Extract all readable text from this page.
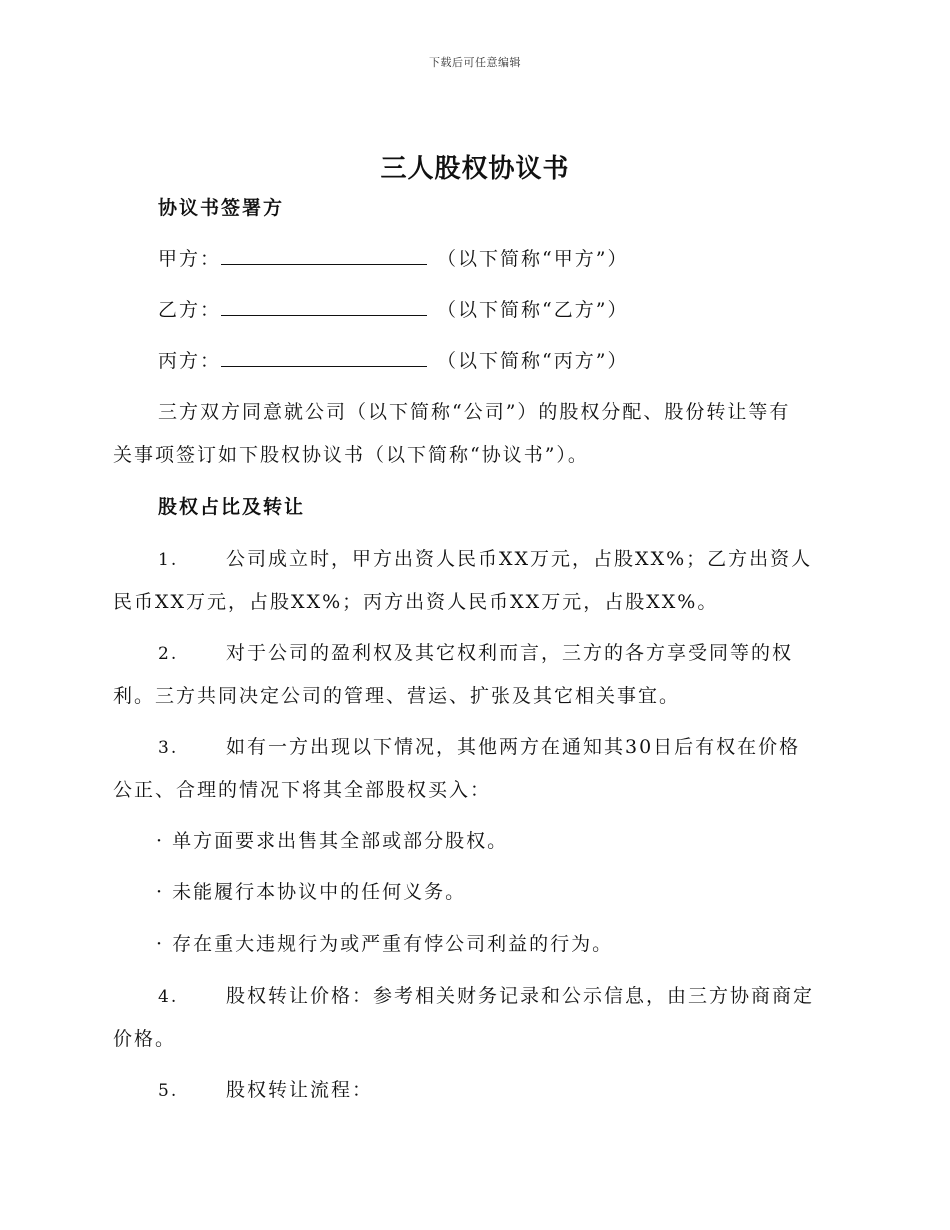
下载后可任意编辑
三人股权协议书
协议书签署方
甲方：	（以下简称“甲方”）
乙方：	（以下简称“乙方”）
丙方：	（以下简称“丙方”）
三方双方同意就公司（以下简称“公司”）的股权分配、股份转让等有
关事项签订如下股权协议书（以下简称“协议书”）。
股权占比及转让
1.	公司成立时，甲方出资人民币XX万元，占股XX%；乙方出资人
民币XX万元，占股XX%；丙方出资人民币XX万元，占股XX%。
2.	对于公司的盈利权及其它权利而言，三方的各方享受同等的权
利。三方共同决定公司的管理、营运、扩张及其它相关事宜。
3.	如有一方出现以下情况，其他两方在通知其30日后有权在价格
公正、合理的情况下将其全部股权买入：
· 单方面要求出售其全部或部分股权。
· 未能履行本协议中的任何义务。
· 存在重大违规行为或严重有悖公司利益的行为。
4.	股权转让价格：参考相关财务记录和公示信息，由三方协商商定
价格。
5.	股权转让流程：
